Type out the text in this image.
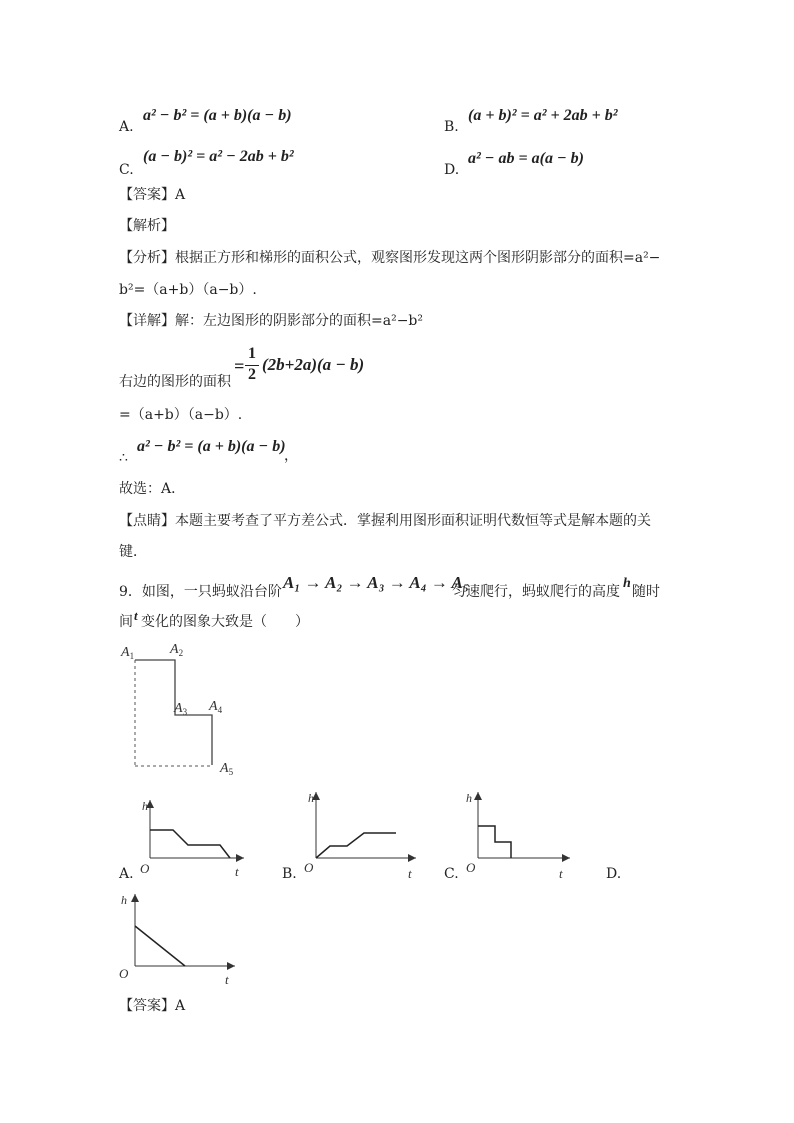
A.
a² − b² = (a + b)(a − b)
B.
(a + b)² = a² + 2ab + b²
C.
(a − b)² = a² − 2ab + b²
D.
a² − ab = a(a − b)
【答案】A
【解析】
【分析】根据正方形和梯形的面积公式，观察图形发现这两个图形阴影部分的面积=a²−
b²=（a+b）（a−b）.
【详解】解：左边图形的阴影部分的面积=a²−b²
右边的图形的面积
=
1
2
(2b+2a)(a − b)
=（a+b）（a−b）.
∴
a² − b² = (a + b)(a − b)
，
故选：A．
【点睛】本题主要考查了平方差公式．掌握利用图形面积证明代数恒等式是解本题的关
键．
9．如图，一只蚂蚁沿台阶 A₁ → A₂ → A₃ → A₄ → A₅
匀速爬行，蚂蚁爬行的高度
h
随时
间 t 变化的图象大致是（　　）
$A_1$	$A_2$
$A_3$ $A_4$
$A_5$
h
O	t
A.
h
O	t
B.
h
O	t
C.	D.
h
O	t
【答案】A
